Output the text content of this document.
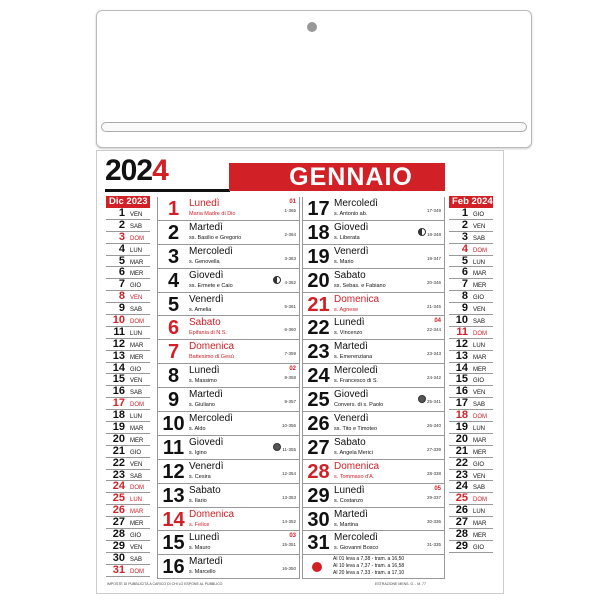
2024	GENNAIO
Dic 2023
1 VEN
2 SAB
3 DOM
4 LUN
5 MAR
6 MER
7 GIO
8 VEN
9 SAB
10 DOM
11 LUN
12 MAR
13 MER
14 GIO
15 VEN
16 SAB
17 DOM
18 LUN
19 MAR
20 MER
21 GIO
22 VEN
23 SAB
24 DOM
25 LUN
26 MAR
27 MER
28 GIO
29 VEN
30 SAB
31 DOM
1 Lunedì
Maria Madre di Dio
1-365
01
2 Martedì
ss. Basilio e Gregorio
2-364
3 Mercoledì
s. Genovella
3-363
4 Giovedì
ss. Ermete e Caio
4-362
5 Venerdì
s. Amelia
5-361
6 Sabato
Epifania di N.S.
6-360
7 Domenica
Battesimo di Gesù
7-359
8 Lunedì
s. Massimo
8-358
02
9 Martedì
s. Giuliano
9-357
10 Mercoledì
s. Aldo
10-356
11 Giovedì
s. Igino
11-355
12 Venerdì
s. Cesira
12-354
13 Sabato
s. Ilario
13-353
14 Domenica
s. Felice
14-352
15 Lunedì
s. Mauro
15-351
03
16 Martedì
s. Marcello
16-350
17 Mercoledì
s. Antonio ab.
17-349
18 Giovedì
s. Liberata
18-348
19 Venerdì
s. Mario
19-347
20 Sabato
ss. Sebas. e Fabiano
20-346
21 Domenica
s. Agnese
21-345
22 Lunedì
s. Vincenzo
22-344
04
23 Martedì
s. Emerenziana
23-343
24 Mercoledì
s. Francesco di S.
24-342
25 Giovedì
Convers. di s. Paolo
25-341
26 Venerdì
ss. Tito e Timoteo
26-340
27 Sabato
s. Angela Merici
27-339
28 Domenica
s. Tommaso d'A.
28-338
29 Lunedì
s. Costanzo
29-337
05
30 Martedì
s. Martina
30-336
31 Mercoledì
s. Giovanni Bosco
31-335
Al 01 leva a 7,38 - tram. a 16,50
Al 10 leva a 7,37 - tram. a 16,58
Al 20 leva a 7,33 - tram. a 17,10
Feb 2024
1 GIO
2 VEN
3 SAB
4 DOM
5 LUN
6 MAR
7 MER
8 GIO
9 VEN
10 SAB
11 DOM
12 LUN
13 MAR
14 MER
15 GIO
16 VEN
17 SAB
18 DOM
19 LUN
20 MAR
21 MER
22 GIO
23 VEN
24 SAB
25 DOM
26 LUN
27 MAR
28 MER
29 GIO
IMPOSTE DI PUBBLICITÀ A CARICO DI CHI LO ESPONE AL PUBBLICO	ESTRAZIONE MENS. G. - M. 77
